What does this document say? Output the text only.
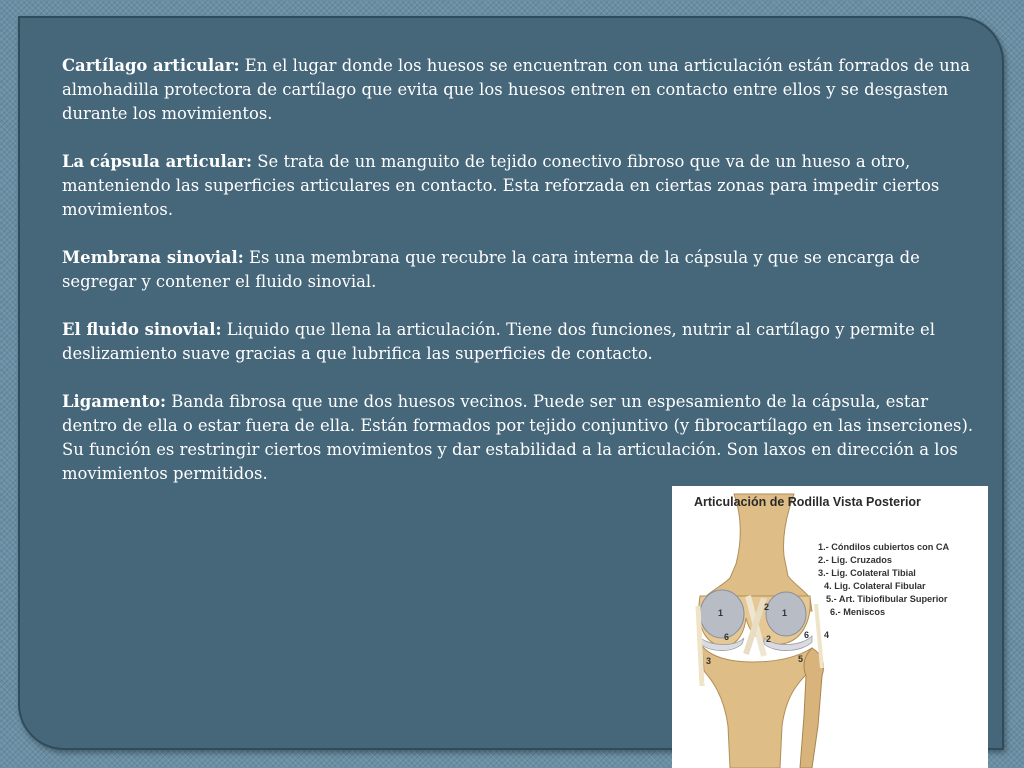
Cartílago articular: En el lugar donde los huesos se encuentran con una articulación están forrados de una almohadilla protectora de cartílago que evita que los huesos entren en contacto entre ellos y se desgasten durante los movimientos.

La cápsula articular: Se trata de un manguito de tejido conectivo fibroso que va de un hueso a otro, manteniendo las superficies articulares en contacto. Esta reforzada en ciertas zonas para impedir ciertos movimientos.

Membrana sinovial: Es una membrana que recubre la cara interna de la cápsula y que se encarga de segregar y contener el fluido sinovial.

El fluido sinovial: Liquido que llena la articulación. Tiene dos funciones, nutrir al cartílago y permite el deslizamiento suave gracias a que lubrifica las superficies de contacto.

Ligamento: Banda fibrosa que une dos huesos vecinos. Puede ser un espesamiento de la cápsula, estar dentro de ella o estar fuera de ella. Están formados por tejido conjuntivo (y fibrocartílago en las inserciones). Su función es restringir ciertos movimientos y dar estabilidad a la articulación. Son laxos en dirección a los movimientos permitidos.

1	1
6	6
2
2
3
4
5
Articulación de Rodilla Vista Posterior
1.- Cóndilos cubiertos con CA
2.- Lig. Cruzados
3.- Lig. Colateral Tibial
4. Lig. Colateral Fibular
5.- Art. Tibiofibular Superior
6.- Meniscos
